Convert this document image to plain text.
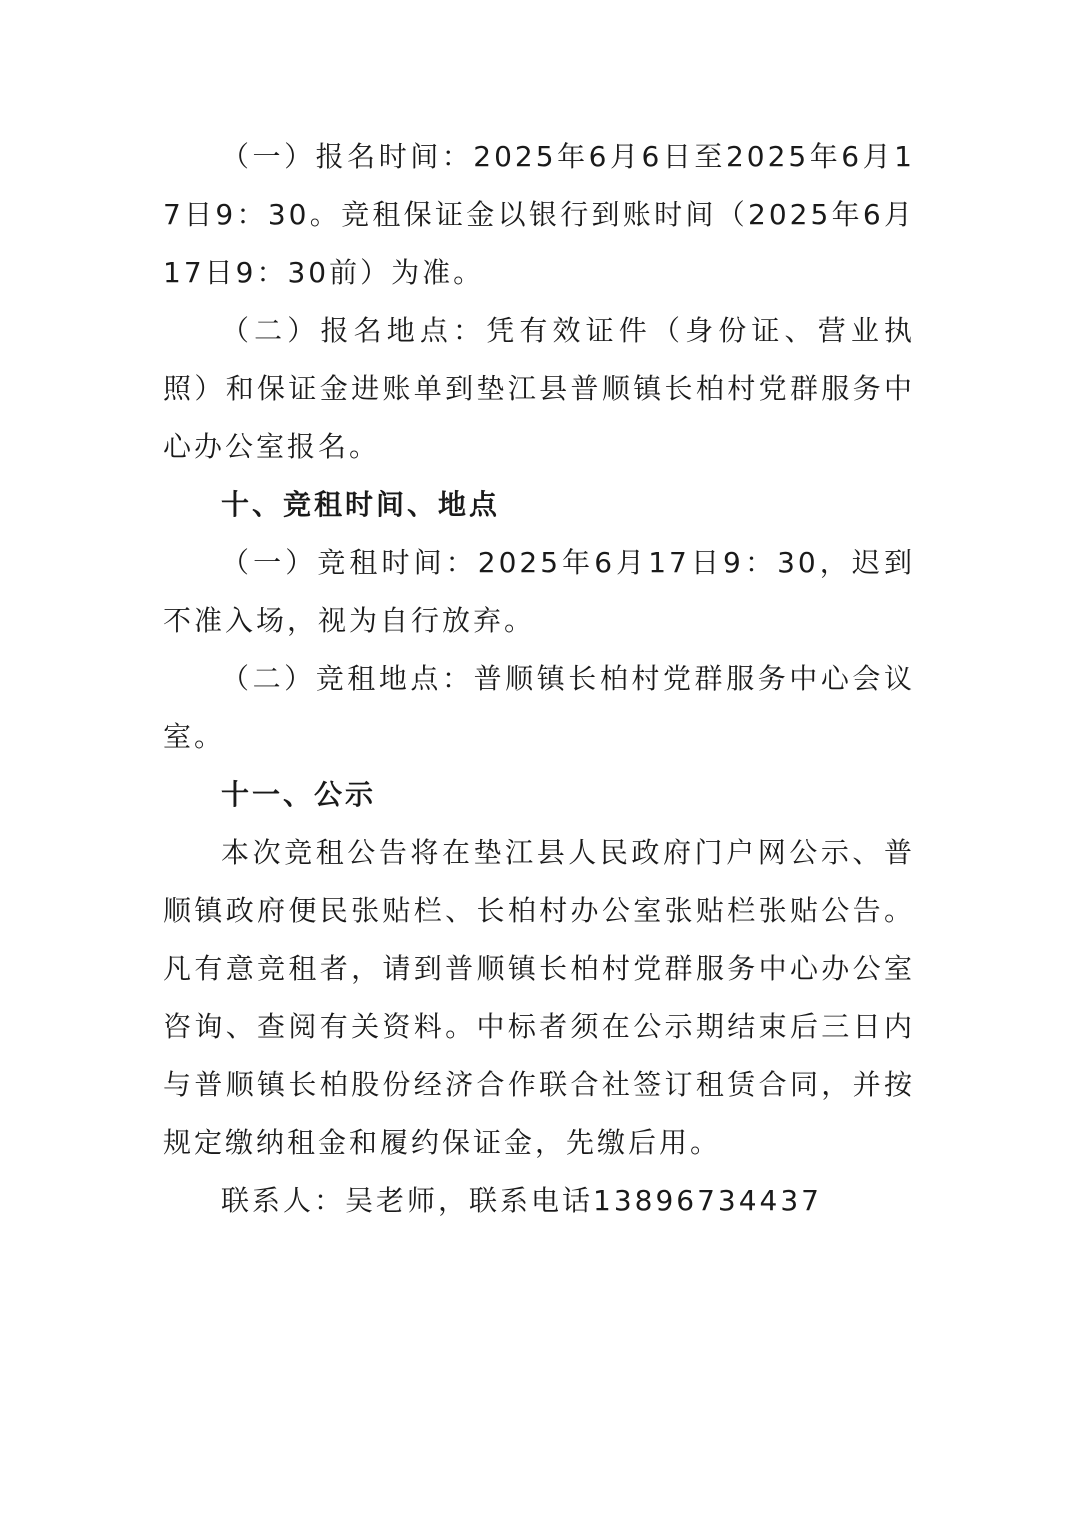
（一）报名时间：2025年6月6日至2025年6月17日9：30。竞租保证金以银行到账时间（2025年6月17日9：30前）为准。

（二）报名地点：凭有效证件（身份证、营业执照）和保证金进账单到垫江县普顺镇长柏村党群服务中心办公室报名。

十、竞租时间、地点

（一）竞租时间：2025年6月17日9：30，迟到不准入场，视为自行放弃。

（二）竞租地点：普顺镇长柏村党群服务中心会议室。

十一、公示

本次竞租公告将在垫江县人民政府门户网公示、普顺镇政府便民张贴栏、长柏村办公室张贴栏张贴公告。凡有意竞租者，请到普顺镇长柏村党群服务中心办公室咨询、查阅有关资料。中标者须在公示期结束后三日内与普顺镇长柏股份经济合作联合社签订租赁合同，并按规定缴纳租金和履约保证金，先缴后用。

联系人：吴老师，联系电话13896734437
